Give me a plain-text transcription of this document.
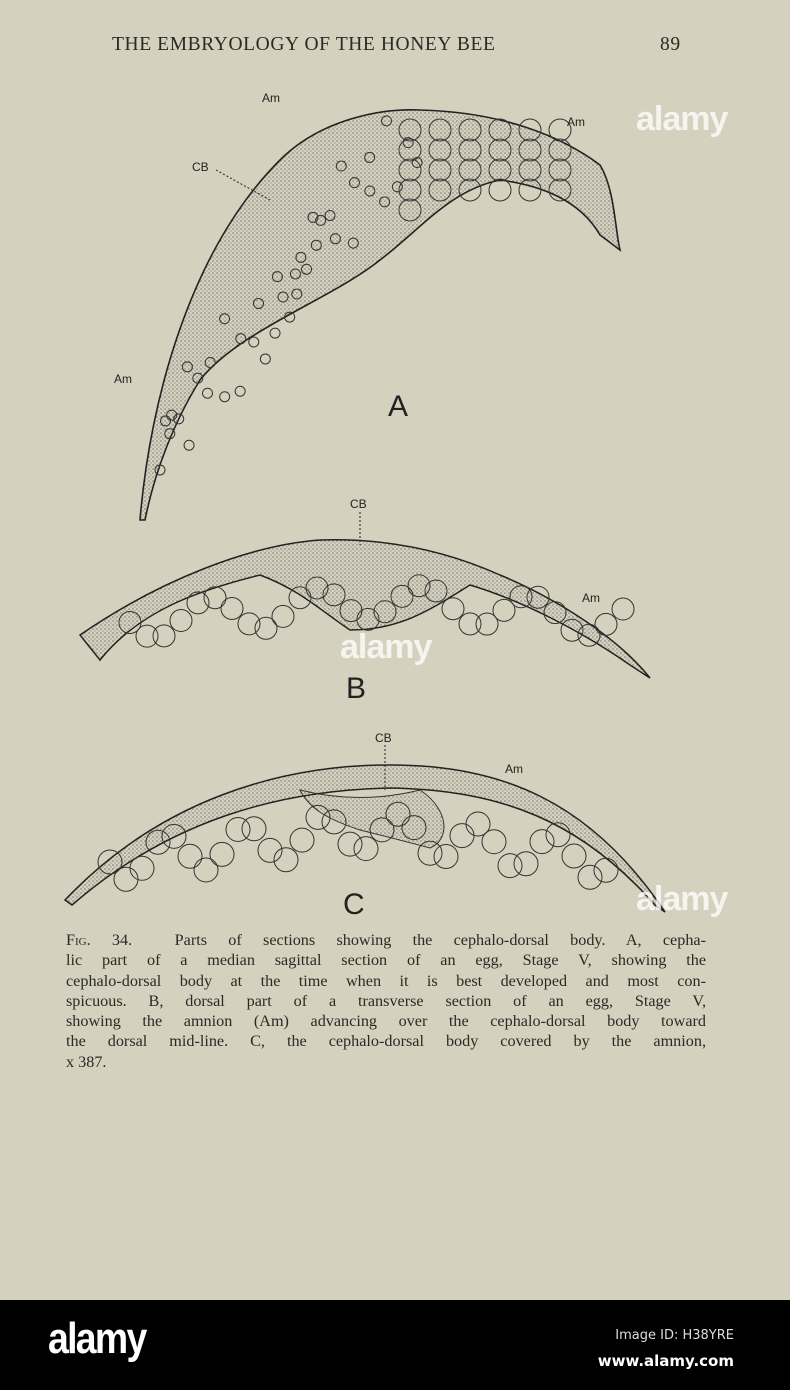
THE EMBRYOLOGY OF THE HONEY BEE	89
Am
CB
Am
Am
A
CB
Am
B
CB
Am
C
Fig. 34.	Parts of sections showing the cephalo-dorsal body. A, cepha-
lic part of a median sagittal section of an egg, Stage V, showing the
cephalo-dorsal body at the time when it is best developed and most con-
spicuous. B, dorsal part of a transverse section of an egg, Stage V,
showing the amnion (Am) advancing over the cephalo-dorsal body toward
the dorsal mid-line. C, the cephalo-dorsal body covered by the amnion,
x 387.
alamy
alamy
alamy
alamy	Image ID: H38YRE
www.alamy.com
